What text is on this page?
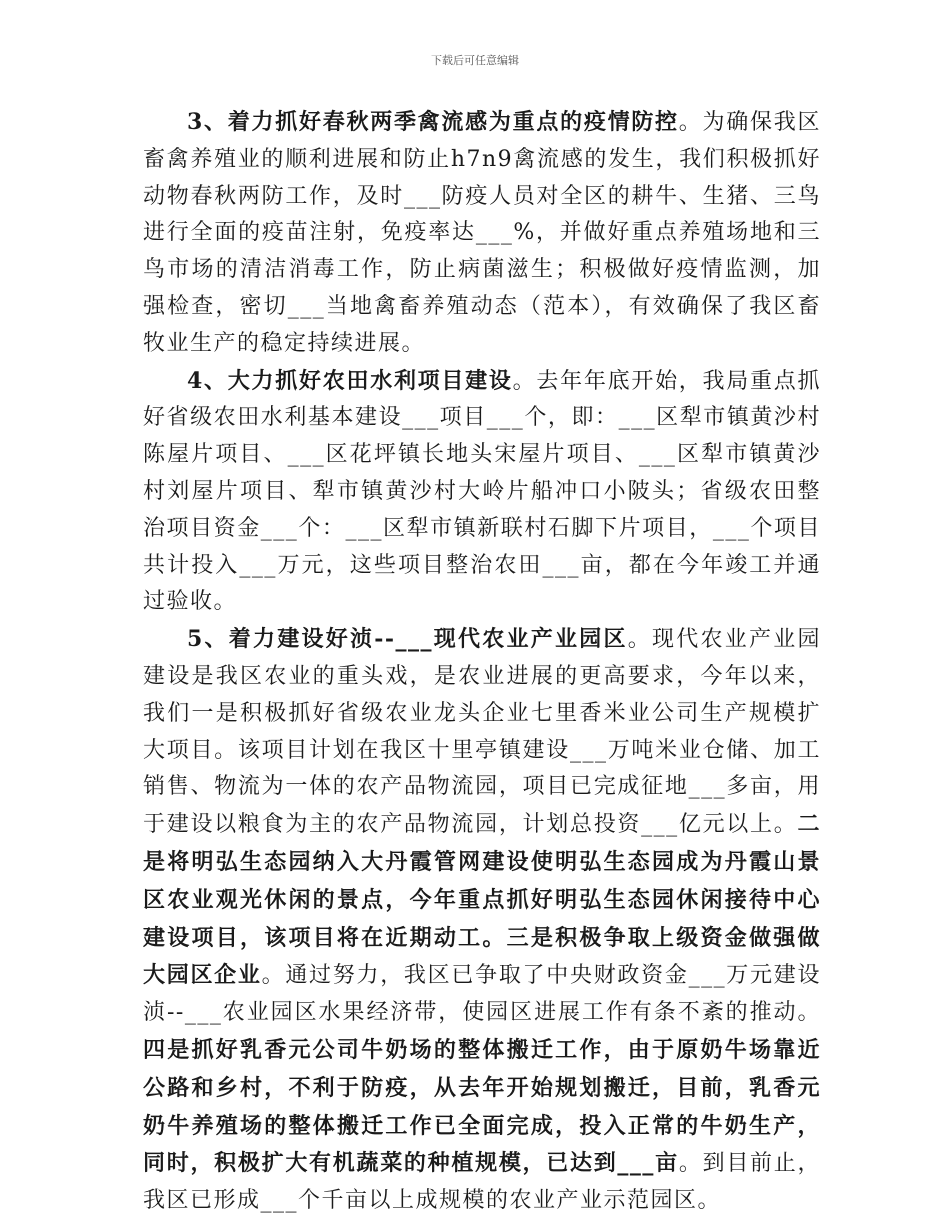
下载后可任意编辑

3、着力抓好春秋两季禽流感为重点的疫情防控。为确保我区畜禽养殖业的顺利进展和防止h7n9禽流感的发生，我们积极抓好动物春秋两防工作，及时___防疫人员对全区的耕牛、生猪、三鸟进行全面的疫苗注射，免疫率达___%，并做好重点养殖场地和三鸟市场的清洁消毒工作，防止病菌滋生；积极做好疫情监测，加强检查，密切___当地禽畜养殖动态（范本），有效确保了我区畜牧业生产的稳定持续进展。

4、大力抓好农田水利项目建设。去年年底开始，我局重点抓好省级农田水利基本建设___项目___个，即：___区犁市镇黄沙村陈屋片项目、___区花坪镇长地头宋屋片项目、___区犁市镇黄沙村刘屋片项目、犁市镇黄沙村大岭片船冲口小陂头；省级农田整治项目资金___个：___区犁市镇新联村石脚下片项目，___个项目共计投入___万元，这些项目整治农田___亩，都在今年竣工并通过验收。

5、着力建设好浈--___现代农业产业园区。现代农业产业园建设是我区农业的重头戏，是农业进展的更高要求，今年以来，我们一是积极抓好省级农业龙头企业七里香米业公司生产规模扩大项目。该项目计划在我区十里亭镇建设___万吨米业仓储、加工销售、物流为一体的农产品物流园，项目已完成征地___多亩，用于建设以粮食为主的农产品物流园，计划总投资___亿元以上。二是将明弘生态园纳入大丹霞管网建设使明弘生态园成为丹霞山景区农业观光休闲的景点，今年重点抓好明弘生态园休闲接待中心建设项目，该项目将在近期动工。三是积极争取上级资金做强做大园区企业。通过努力，我区已争取了中央财政资金___万元建设浈--___农业园区水果经济带，使园区进展工作有条不紊的推动。四是抓好乳香元公司牛奶场的整体搬迁工作，由于原奶牛场靠近公路和乡村，不利于防疫，从去年开始规划搬迁，目前，乳香元奶牛养殖场的整体搬迁工作已全面完成，投入正常的牛奶生产，同时，积极扩大有机蔬菜的种植规模，已达到___亩。到目前止，我区已形成___个千亩以上成规模的农业产业示范园区。
